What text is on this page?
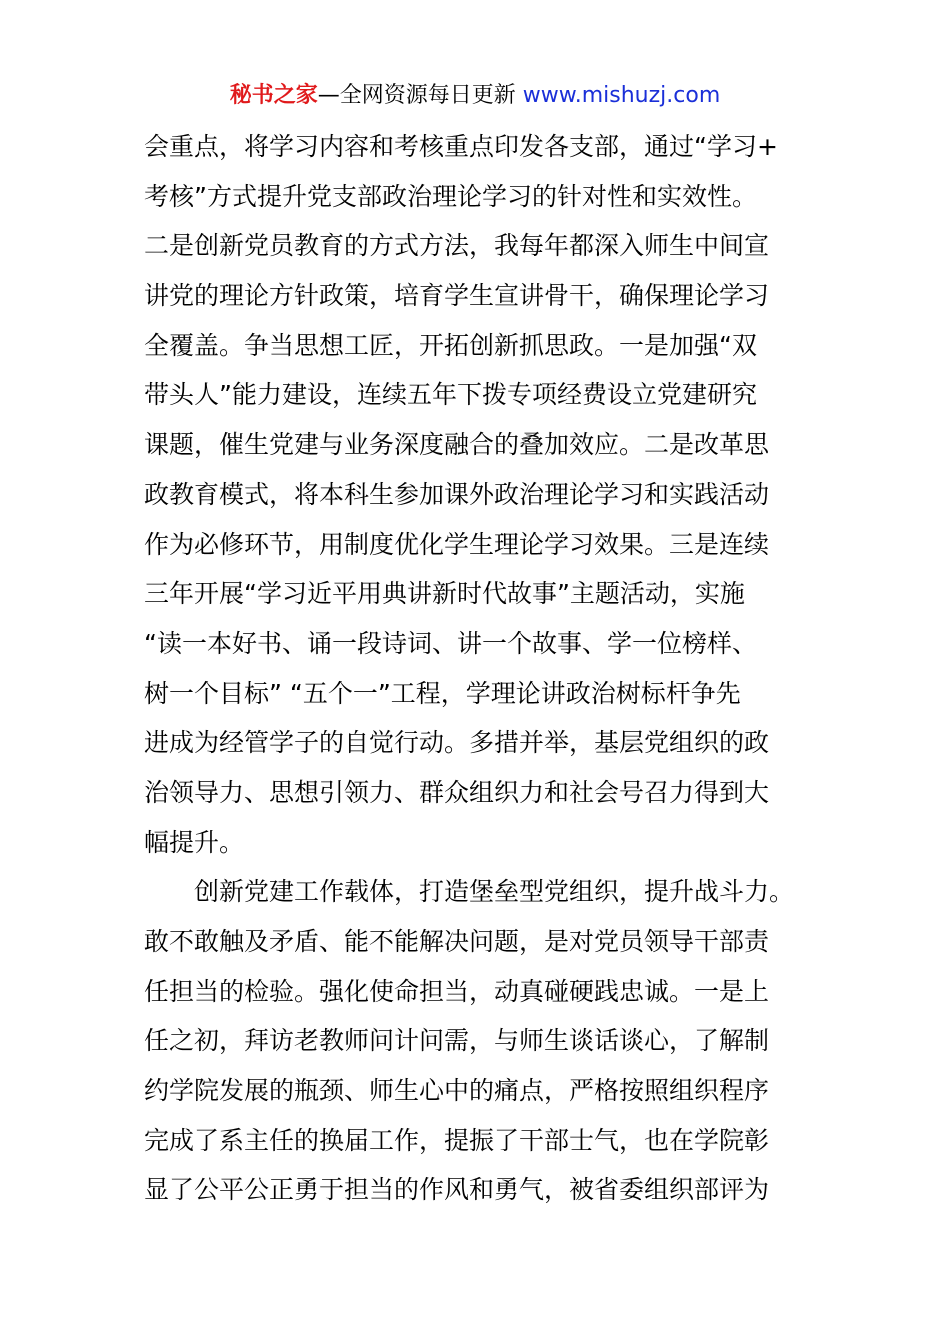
秘书之家—全网资源每日更新 www.mishuzj.com
会重点，将学习内容和考核重点印发各支部，通过“学习+
考核”方式提升党支部政治理论学习的针对性和实效性。
二是创新党员教育的方式方法，我每年都深入师生中间宣
讲党的理论方针政策，培育学生宣讲骨干，确保理论学习
全覆盖。争当思想工匠，开拓创新抓思政。一是加强“双
带头人”能力建设，连续五年下拨专项经费设立党建研究
课题，催生党建与业务深度融合的叠加效应。二是改革思
政教育模式，将本科生参加课外政治理论学习和实践活动
作为必修环节，用制度优化学生理论学习效果。三是连续
三年开展“学习近平用典讲新时代故事”主题活动，实施
“读一本好书、诵一段诗词、讲一个故事、学一位榜样、
树一个目标” “五个一”工程，学理论讲政治树标杆争先
进成为经管学子的自觉行动。多措并举，基层党组织的政
治领导力、思想引领力、群众组织力和社会号召力得到大
幅提升。
创新党建工作载体，打造堡垒型党组织，提升战斗力。
敢不敢触及矛盾、能不能解决问题，是对党员领导干部责
任担当的检验。强化使命担当，动真碰硬践忠诚。一是上
任之初，拜访老教师问计问需，与师生谈话谈心，了解制
约学院发展的瓶颈、师生心中的痛点，严格按照组织程序
完成了系主任的换届工作，提振了干部士气，也在学院彰
显了公平公正勇于担当的作风和勇气，被省委组织部评为
